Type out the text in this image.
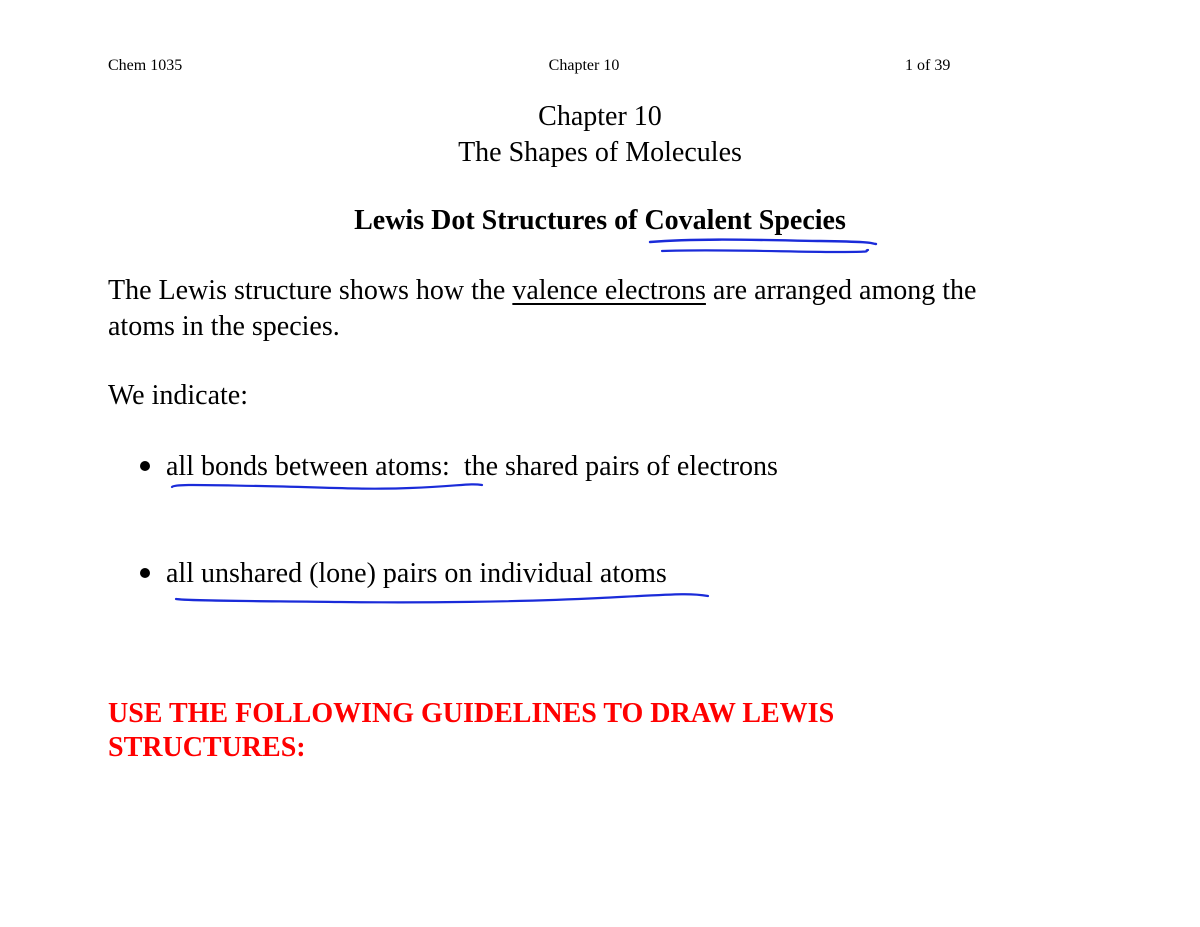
Chem 1035	Chapter 10	1 of 39
Chapter 10
The Shapes of Molecules
Lewis Dot Structures of Covalent Species
The Lewis structure shows how the valence electrons are arranged among the
atoms in the species.
We indicate:
all bonds between atoms:  the shared pairs of electrons
all unshared (lone) pairs on individual atoms
USE THE FOLLOWING GUIDELINES TO DRAW LEWIS
STRUCTURES:
